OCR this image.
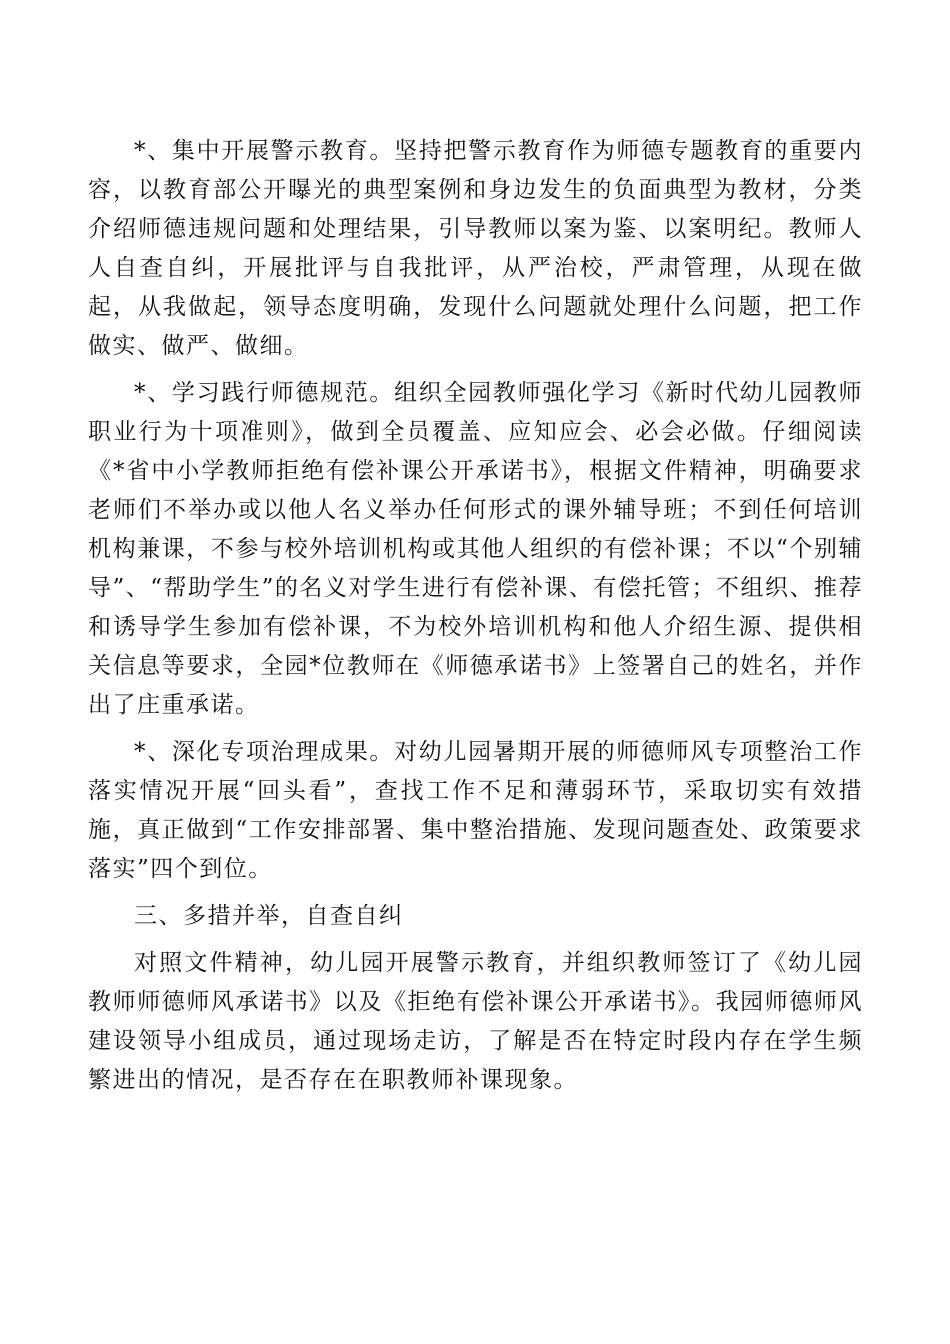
*、集中开展警示教育。坚持把警示教育作为师德专题教育的重要内容，以教育部公开曝光的典型案例和身边发生的负面典型为教材，分类介绍师德违规问题和处理结果，引导教师以案为鉴、以案明纪。教师人人自查自纠，开展批评与自我批评，从严治校，严肃管理，从现在做起，从我做起，领导态度明确，发现什么问题就处理什么问题，把工作做实、做严、做细。

*、学习践行师德规范。组织全园教师强化学习《新时代幼儿园教师职业行为十项准则》，做到全员覆盖、应知应会、必会必做。仔细阅读《*省中小学教师拒绝有偿补课公开承诺书》，根据文件精神，明确要求老师们不举办或以他人名义举办任何形式的课外辅导班；不到任何培训机构兼课，不参与校外培训机构或其他人组织的有偿补课；不以“个别辅导”、“帮助学生”的名义对学生进行有偿补课、有偿托管；不组织、推荐和诱导学生参加有偿补课，不为校外培训机构和他人介绍生源、提供相关信息等要求，全园*位教师在《师德承诺书》上签署自己的姓名，并作出了庄重承诺。

*、深化专项治理成果。对幼儿园暑期开展的师德师风专项整治工作落实情况开展“回头看”，查找工作不足和薄弱环节，采取切实有效措施，真正做到“工作安排部署、集中整治措施、发现问题查处、政策要求落实”四个到位。

三、多措并举，自查自纠

对照文件精神，幼儿园开展警示教育，并组织教师签订了《幼儿园教师师德师风承诺书》以及《拒绝有偿补课公开承诺书》。我园师德师风建设领导小组成员，通过现场走访，了解是否在特定时段内存在学生频繁进出的情况，是否存在在职教师补课现象。
